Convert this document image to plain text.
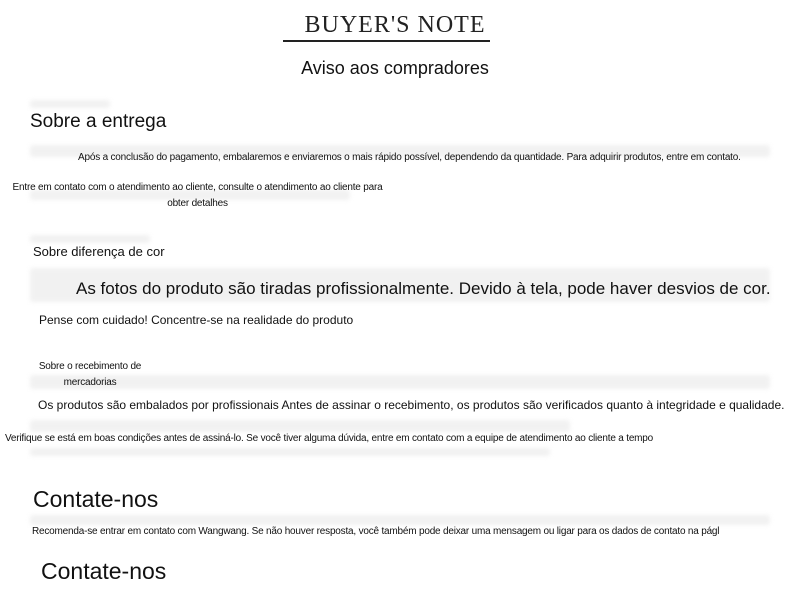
BUYER'S NOTE
Aviso aos compradores
Sobre a entrega
Após a conclusão do pagamento, embalaremos e enviaremos o mais rápido possível, dependendo da quantidade. Para adquirir produtos, entre em contato.
Entre em contato com o atendimento ao cliente, consulte o atendimento ao cliente para obter detalhes
Sobre diferença de cor
As fotos do produto são tiradas profissionalmente. Devido à tela, pode haver desvios de cor.
Pense com cuidado! Concentre-se na realidade do produto
Sobre o recebimento de mercadorias
Os produtos são embalados por profissionais Antes de assinar o recebimento, os produtos são verificados quanto à integridade e qualidade.
Verifique se está em boas condições antes de assiná-lo. Se você tiver alguma dúvida, entre em contato com a equipe de atendimento ao cliente a tempo
Contate-nos
Recomenda-se entrar em contato com Wangwang. Se não houver resposta, você também pode deixar uma mensagem ou ligar para os dados de contato na págl
Contate-nos
